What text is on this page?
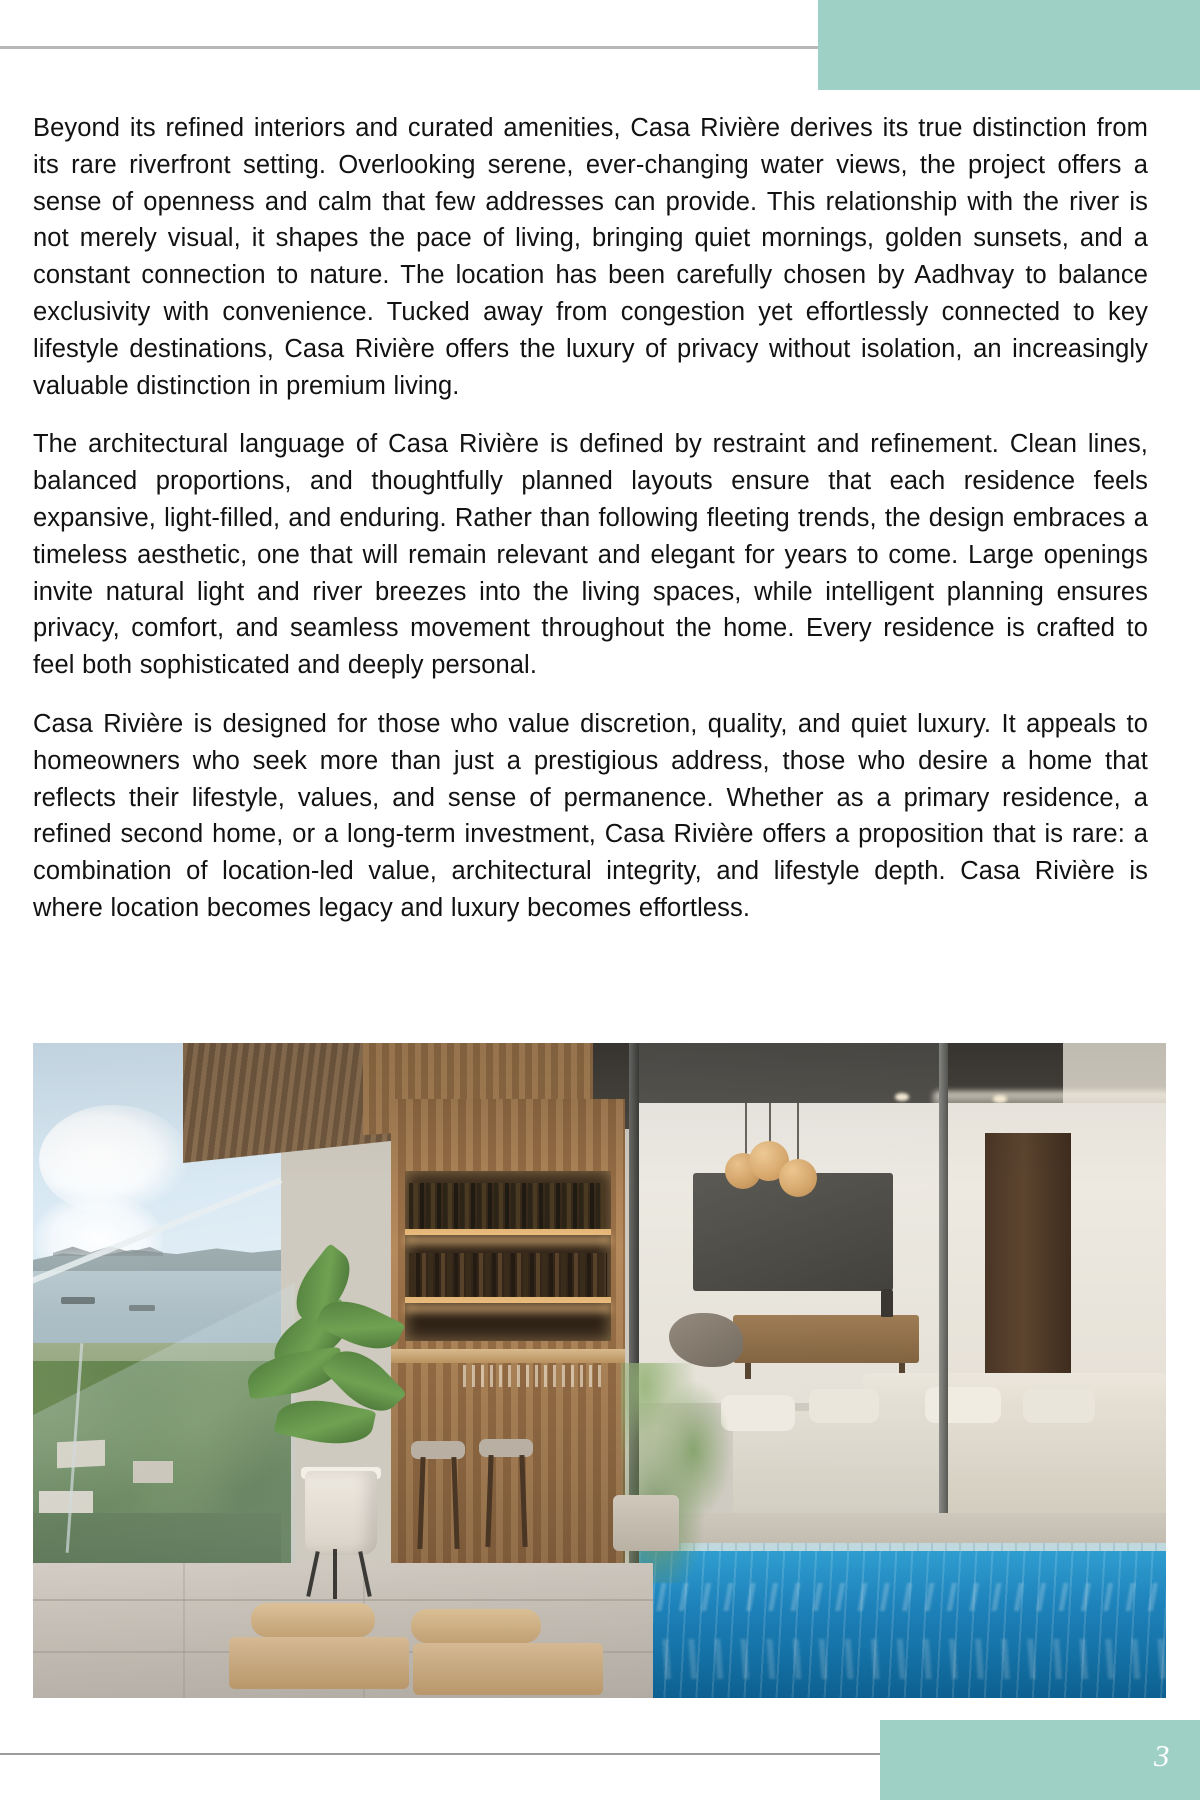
Beyond its refined interiors and curated amenities, Casa Rivière derives its true distinction from its rare riverfront setting. Overlooking serene, ever-changing water views, the project offers a sense of openness and calm that few addresses can provide. This relationship with the river is not merely visual, it shapes the pace of living, bringing quiet mornings, golden sunsets, and a constant connection to nature. The location has been carefully chosen by Aadhvay to balance exclusivity with convenience. Tucked away from congestion yet effortlessly connected to key lifestyle destinations, Casa Rivière offers the luxury of privacy without isolation, an increasingly valuable distinction in premium living.

The architectural language of Casa Rivière is defined by restraint and refinement. Clean lines, balanced proportions, and thoughtfully planned layouts ensure that each residence feels expansive, light-filled, and enduring. Rather than following fleeting trends, the design embraces a timeless aesthetic, one that will remain relevant and elegant for years to come. Large openings invite natural light and river breezes into the living spaces, while intelligent planning ensures privacy, comfort, and seamless movement throughout the home. Every residence is crafted to feel both sophisticated and deeply personal.

Casa Rivière is designed for those who value discretion, quality, and quiet luxury. It appeals to homeowners who seek more than just a prestigious address, those who desire a home that reflects their lifestyle, values, and sense of permanence. Whether as a primary residence, a refined second home, or a long-term investment, Casa Rivière offers a proposition that is rare: a combination of location-led value, architectural integrity, and lifestyle depth. Casa Rivière is where location becomes legacy and luxury becomes effortless.

3
